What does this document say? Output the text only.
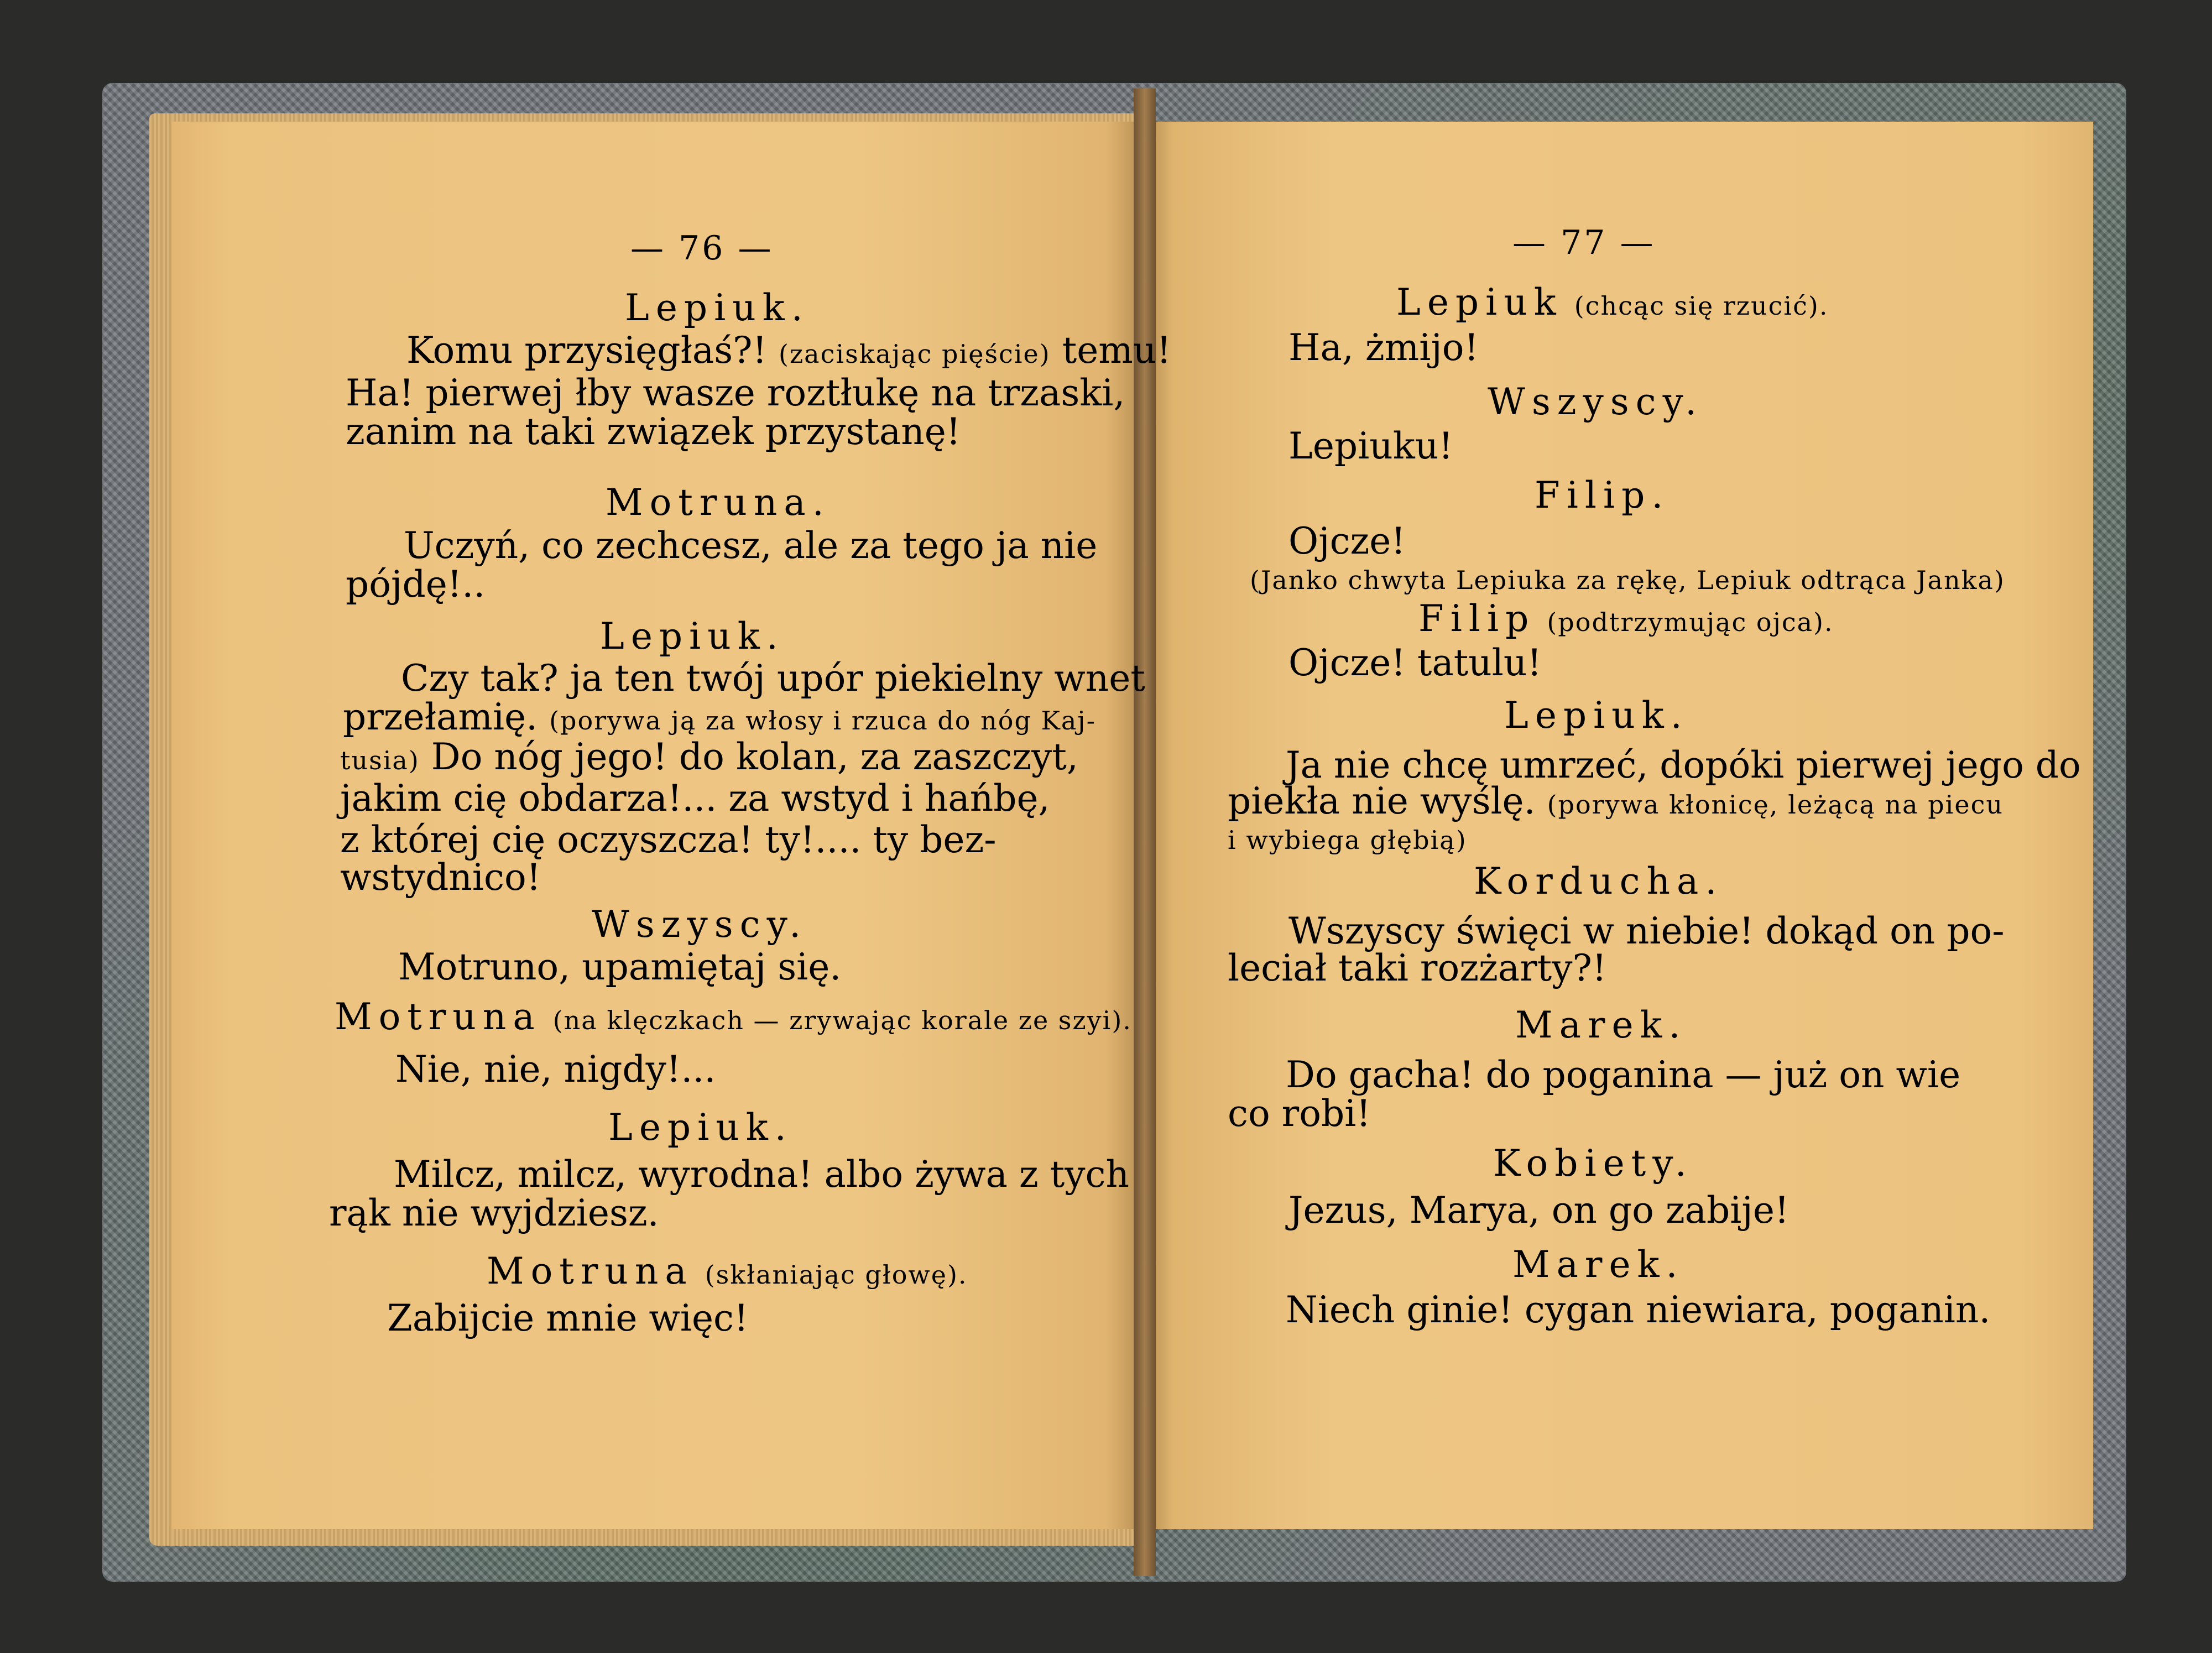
— 76 —
Lepiuk.
Komu przysięgłaś?! (zaciskając pięście) temu!
Ha! pierwej łby wasze roztłukę na trzaski,
zanim na taki związek przystanę!
Motruna.
Uczyń, co zechcesz, ale za tego ja nie
pójdę!..
Lepiuk.
Czy tak? ja ten twój upór piekielny wnet
przełamię. (porywa ją za włosy i rzuca do nóg Kaj-
tusia) Do nóg jego! do kolan, za zaszczyt,
jakim cię obdarza!... za wstyd i hańbę,
z której cię oczyszcza! ty!.... ty bez-
wstydnico!
Wszyscy.
Motruno, upamiętaj się.
Motruna (na klęczkach — zrywając korale ze szyi).
Nie, nie, nigdy!...
Lepiuk.
Milcz, milcz, wyrodna! albo żywa z tych
rąk nie wyjdziesz.
Motruna (skłaniając głowę).
Zabijcie mnie więc!
— 77 —
Lepiuk (chcąc się rzucić).
Ha, żmijo!
Wszyscy.
Lepiuku!
Filip.
Ojcze!
(Janko chwyta Lepiuka za rękę, Lepiuk odtrąca Janka)
Filip (podtrzymując ojca).
Ojcze! tatulu!
Lepiuk.
Ja nie chcę umrzeć, dopóki pierwej jego do
piekła nie wyślę. (porywa kłonicę, leżącą na piecu
i wybiega głębią)
Korducha.
Wszyscy święci w niebie! dokąd on po-
leciał taki rozżarty?!
Marek.
Do gacha! do poganina — już on wie
co robi!
Kobiety.
Jezus, Marya, on go zabije!
Marek.
Niech ginie! cygan niewiara, poganin.
